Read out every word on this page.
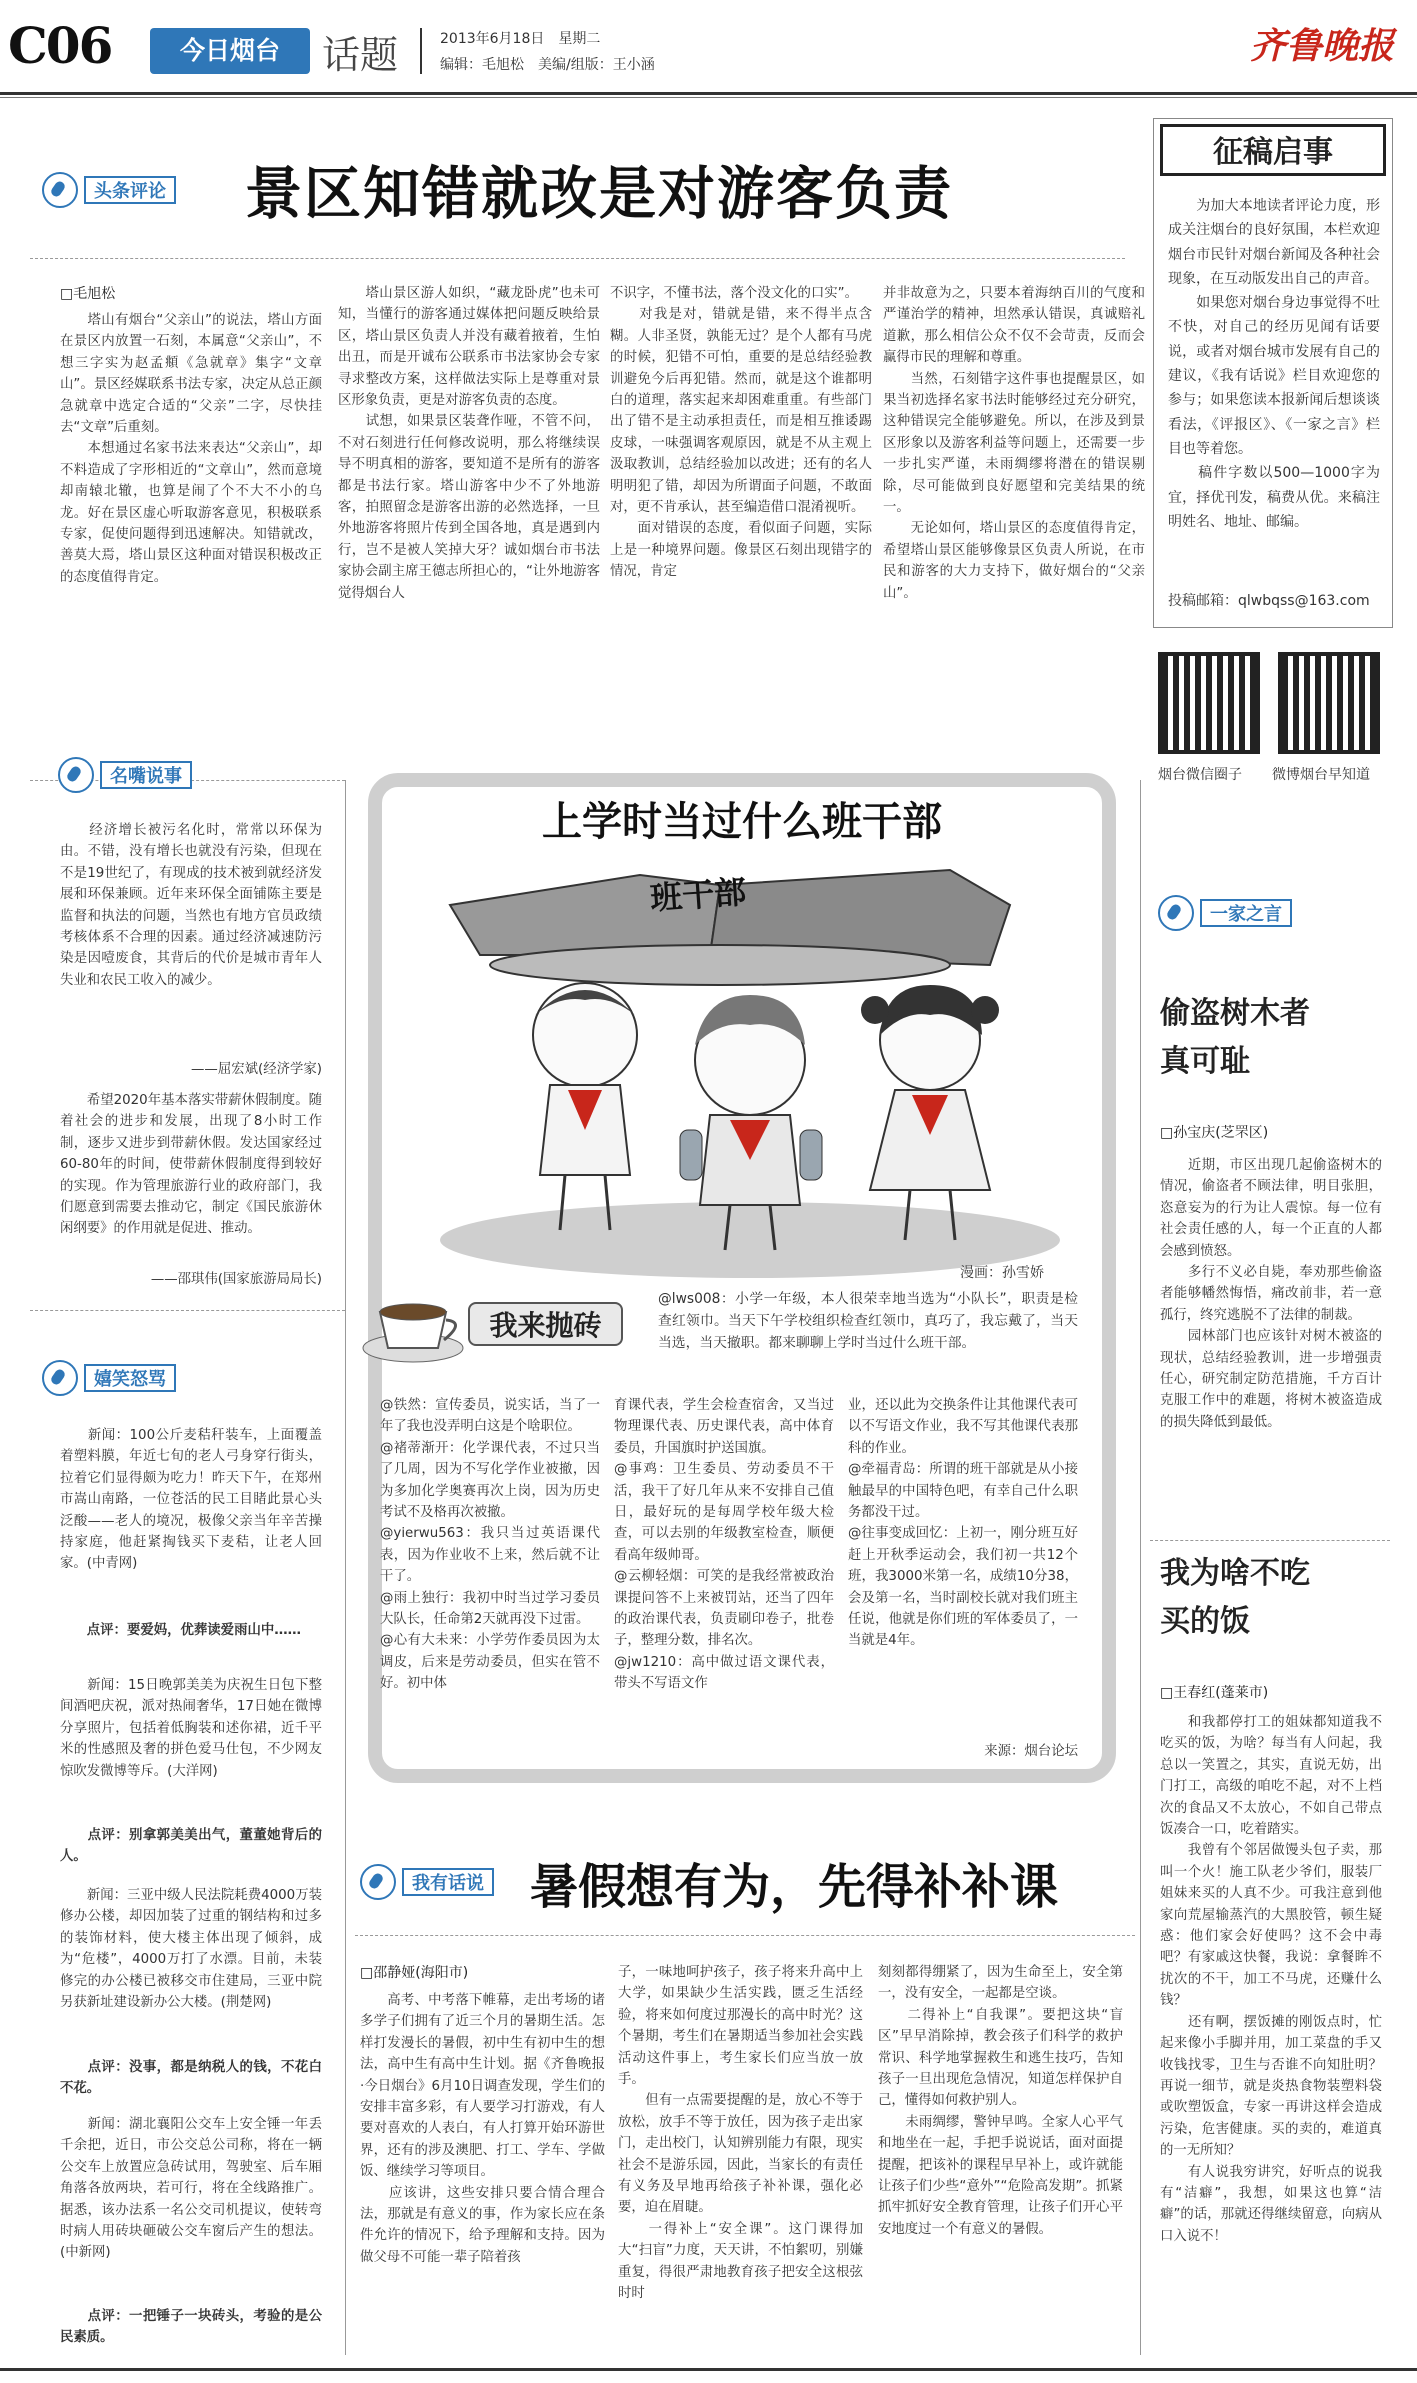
C06	今日烟台	话题	2013年6月18日　星期二
编辑：毛旭松　美编/组版：王小涵	齐鲁晚报
头条评论 景区知错就改是对游客负责
□毛旭松
　　塔山有烟台“父亲山”的说法，塔山方面在景区内放置一石刻，本属意“父亲山”，不想三字实为赵孟頫《急就章》集字“文章山”。景区经媒联系书法专家，决定从总正颜急就章中选定合适的“父亲”二字，尽快挂去“文章”后重刻。
　　本想通过名家书法来表达“父亲山”，却不料造成了字形相近的“文章山”，然而意境却南辕北辙，也算是闹了个不大不小的乌龙。好在景区虚心听取游客意见，积极联系专家，促使问题得到迅速解决。知错就改，善莫大焉，塔山景区这种面对错误积极改正的态度值得肯定。
　　塔山景区游人如织，“藏龙卧虎”也未可知，当懂行的游客通过媒体把问题反映给景区，塔山景区负责人并没有藏着掖着，生怕出丑，而是开诚布公联系市书法家协会专家寻求整改方案，这样做法实际上是尊重对景区形象负责，更是对游客负责的态度。
　　试想，如果景区装聋作哑，不管不问，不对石刻进行任何修改说明，那么将继续误导不明真相的游客，要知道不是所有的游客都是书法行家。塔山游客中少不了外地游客，拍照留念是游客出游的必然选择，一旦外地游客将照片传到全国各地，真是遇到内行，岂不是被人笑掉大牙？诚如烟台市书法家协会副主席王德志所担心的，“让外地游客觉得烟台人
不识字，不懂书法，落个没文化的口实”。
　　对我是对，错就是错，来不得半点含糊。人非圣贤，孰能无过？是个人都有马虎的时候，犯错不可怕，重要的是总结经验教训避免今后再犯错。然而，就是这个谁都明白的道理，落实起来却困难重重。有些部门出了错不是主动承担责任，而是相互推诿踢皮球，一味强调客观原因，就是不从主观上汲取教训，总结经验加以改进；还有的名人明明犯了错，却因为所谓面子问题，不敢面对，更不肯承认，甚至编造借口混淆视听。
　　面对错误的态度，看似面子问题，实际上是一种境界问题。像景区石刻出现错字的情况，肯定
并非故意为之，只要本着海纳百川的气度和严谨治学的精神，坦然承认错误，真诚赔礼道歉，那么相信公众不仅不会苛责，反而会赢得市民的理解和尊重。
　　当然，石刻错字这件事也提醒景区，如果当初选择名家书法时能够经过充分研究，这种错误完全能够避免。所以，在涉及到景区形象以及游客利益等问题上，还需要一步一步扎实严谨，未雨绸缪将潜在的错误剔除，尽可能做到良好愿望和完美结果的统一。
　　无论如何，塔山景区的态度值得肯定，希望塔山景区能够像景区负责人所说，在市民和游客的大力支持下，做好烟台的“父亲山”。
征稿启事
　　为加大本地读者评论力度，形成关注烟台的良好氛围，本栏欢迎烟台市民针对烟台新闻及各种社会现象，在互动版发出自己的声音。
　　如果您对烟台身边事觉得不吐不快，对自己的经历见闻有话要说，或者对烟台城市发展有自己的建议，《我有话说》栏目欢迎您的参与；如果您读本报新闻后想谈谈看法，《评报区》、《一家之言》栏目也等着您。
　　稿件字数以500—1000字为宜，择优刊发，稿费从优。来稿注明姓名、地址、邮编。
投稿邮箱：qlwbqss@163.com
烟台微信圈子 微博烟台早知道
名嘴说事
　　经济增长被污名化时，常常以环保为由。不错，没有增长也就没有污染，但现在不是19世纪了，有现成的技术被到就经济发展和环保兼顾。近年来环保全面铺陈主要是监督和执法的问题，当然也有地方官员政绩考核体系不合理的因素。通过经济减速防污染是因噎废食，其背后的代价是城市青年人失业和农民工收入的减少。
——屈宏斌(经济学家)
　　希望2020年基本落实带薪休假制度。随着社会的进步和发展，出现了8小时工作制，逐步又进步到带薪休假。发达国家经过60-80年的时间，使带薪休假制度得到较好的实现。作为管理旅游行业的政府部门，我们愿意到需要去推动它，制定《国民旅游休闲纲要》的作用就是促进、推动。
——邵琪伟(国家旅游局局长)
嬉笑怒骂
　　新闻：100公斤麦秸秆装车，上面覆盖着塑料膜，年近七旬的老人弓身穿行街头，拉着它们显得颇为吃力！昨天下午，在郑州市嵩山南路，一位苍活的民工目睹此景心头泛酸——老人的境况，极像父亲当年辛苦操持家庭，他赶紧掏钱买下麦秸，让老人回家。(中青网)
　　点评：要爱妈，优葬读爱雨山中……
　　新闻：15日晚郭美美为庆祝生日包下整间酒吧庆祝，派对热闹奢华，17日她在微博分享照片，包括着低胸装和述你裙，近千平米的性感照及奢的拼色爱马仕包，不少网友惊吹发微博等斥。(大洋网)
　　点评：别拿郭美美出气，董董她背后的人。
　　新闻：三亚中级人民法院耗费4000万装修办公楼，却因加装了过重的钢结构和过多的装饰材料，使大楼主体出现了倾斜，成为“危楼”，4000万打了水漂。目前，未装修完的办公楼已被移交市住建局，三亚中院另获新址建设新办公大楼。(荆楚网)
　　点评：没事，都是纳税人的钱，不花白不花。
　　新闻：湖北襄阳公交车上安全锤一年丢千余把，近日，市公交总公司称，将在一辆公交车上放置应急砖试用，驾驶室、后车厢角落各放两块，若可行，将在全线路推广。据悉，该办法系一名公交司机提议，使转弯时病人用砖块砸破公交车窗后产生的想法。(中新网)
　　点评：一把锤子一块砖头，考验的是公民素质。
上学时当过什么班干部
班干部
漫画：孙雪娇
我来抛砖
@lws008：小学一年级，本人很荣幸地当选为“小队长”，职责是检查红领巾。当天下午学校组织检查红领巾，真巧了，我忘戴了，当天当选，当天撤职。都来聊聊上学时当过什么班干部。
@铁然：宣传委员，说实话，当了一年了我也没弄明白这是个啥职位。
@褚蒂渐开：化学课代表，不过只当了几周，因为不写化学作业被撤，因为多加化学奥赛再次上岗，因为历史考试不及格再次被撤。
@yierwu563：我只当过英语课代表，因为作业收不上来，然后就不让干了。
@雨上独行：我初中时当过学习委员大队长，任命第2天就再没下过雷。
@心有大未来：小学劳作委员因为太调皮，后来是劳动委员，但实在管不好。初中体
育课代表，学生会检查宿舍，又当过物理课代表、历史课代表，高中体育委员，升国旗时护送国旗。
@事鸡：卫生委员、劳动委员不干活，我干了好几年从来不安排自己值日，最好玩的是每周学校年级大检查，可以去别的年级教室检查，顺便看高年级帅哥。
@云柳轻烟：可笑的是我经常被政治课提问答不上来被罚站，还当了四年的政治课代表，负责刷印卷子，批卷子，整理分数，排名次。
@jw1210：高中做过语文课代表，带头不写语文作
业，还以此为交换条件让其他课代表可以不写语文作业，我不写其他课代表那科的作业。
@牵福青岛：所谓的班干部就是从小接触最早的中国特色吧，有幸自己什么职务都没干过。
@往事变成回忆：上初一，刚分班互好赶上开秋季运动会，我们初一共12个班，我3000米第一名，成绩10分38，会及第一名，当时副校长就对我们班主任说，他就是你们班的军体委员了，一当就是4年。
来源：烟台论坛
一家之言
偷盗树木者
真可耻
□孙宝庆(芝罘区)
　　近期，市区出现几起偷盗树木的情况，偷盗者不顾法律，明目张胆，恣意妄为的行为让人震惊。每一位有社会责任感的人，每一个正直的人都会感到愤怒。
　　多行不义必自毙，奉劝那些偷盗者能够幡然悔悟，痛改前非，若一意孤行，终究逃脱不了法律的制裁。
　　园林部门也应该针对树木被盗的现状，总结经验教训，进一步增强责任心，研究制定防范措施，千方百计克服工作中的难题，将树木被盗造成的损失降低到最低。
我为啥不吃
买的饭
□王春红(蓬莱市)
　　和我都停打工的姐妹都知道我不吃买的饭，为啥？每当有人问起，我总以一笑置之，其实，直说无妨，出门打工，高级的咱吃不起，对不上档次的食品又不太放心，不如自己带点饭凑合一口，吃着踏实。
　　我曾有个邻居做馒头包子卖，那叫一个火！施工队老少爷们，服装厂姐妹来买的人真不少。可我注意到他家向荒屋输蒸汽的大黑胶管，顿生疑惑：他们家会好使吗？这不会中毒吧？有家戚这快餐，我说：拿餐眸不扰次的不干，加工不马虎，还赚什么钱？
　　还有啊，摆饭摊的刚饭点时，忙起来像小手脚并用，加工菜盘的手又收钱找零，卫生与否谁不向知肚明？再说一细节，就是炎热食物装塑料袋或吹塑饭盒，专家一再讲这样会造成污染，危害健康。买的卖的，难道真的一无所知？
　　有人说我穷讲究，好听点的说我有“洁癖”，我想，如果这也算“洁癖”的话，那就还得继续留意，向病从口入说不！
我有话说 暑假想有为，先得补补课
□邵静娅(海阳市)
　　高考、中考落下帷幕，走出考场的诸多学子们拥有了近三个月的暑期生活。怎样打发漫长的暑假，初中生有初中生的想法，高中生有高中生计划。据《齐鲁晚报·今日烟台》6月10日调查发现，学生们的安排丰富多彩，有人要学习打游戏，有人要对喜欢的人表白，有人打算开始环游世界，还有的涉及澳肥、打工、学车、学做饭、继续学习等项目。
　　应该讲，这些安排只要合情合理合法，那就是有意义的事，作为家长应在条件允许的情况下，给予理解和支持。因为做父母不可能一辈子陪着孩
子，一味地呵护孩子，孩子将来升高中上大学，如果缺少生活实践，匮乏生活经验，将来如何度过那漫长的高中时光？这个暑期，考生们在暑期适当参加社会实践活动这件事上，考生家长们应当放一放手。
　　但有一点需要提醒的是，放心不等于放松，放手不等于放任，因为孩子走出家门，走出校门，认知辨别能力有限，现实社会不是游乐园，因此，当家长的有责任有义务及早地再给孩子补补课，强化必要，迫在眉睫。
　　一得补上“安全课”。这门课得加大“扫盲”力度，天天讲，不怕絮叨，别嫌重复，得很严肃地教育孩子把安全这根弦时时
刻刻都得绷紧了，因为生命至上，安全第一，没有安全，一起都是空谈。
　　二得补上“自我课”。要把这块“盲区”早早消除掉，教会孩子们科学的救护常识、科学地掌握救生和逃生技巧，告知孩子一旦出现危急情况，知道怎样保护自己，懂得如何救护别人。
　　未雨绸缪，警钟早鸣。全家人心平气和地坐在一起，手把手说说话，面对面提提醒，把该补的课程早早补上，或许就能让孩子们少些“意外”“危险高发期”。抓紧抓牢抓好安全教育管理，让孩子们开心平安地度过一个有意义的暑假。
